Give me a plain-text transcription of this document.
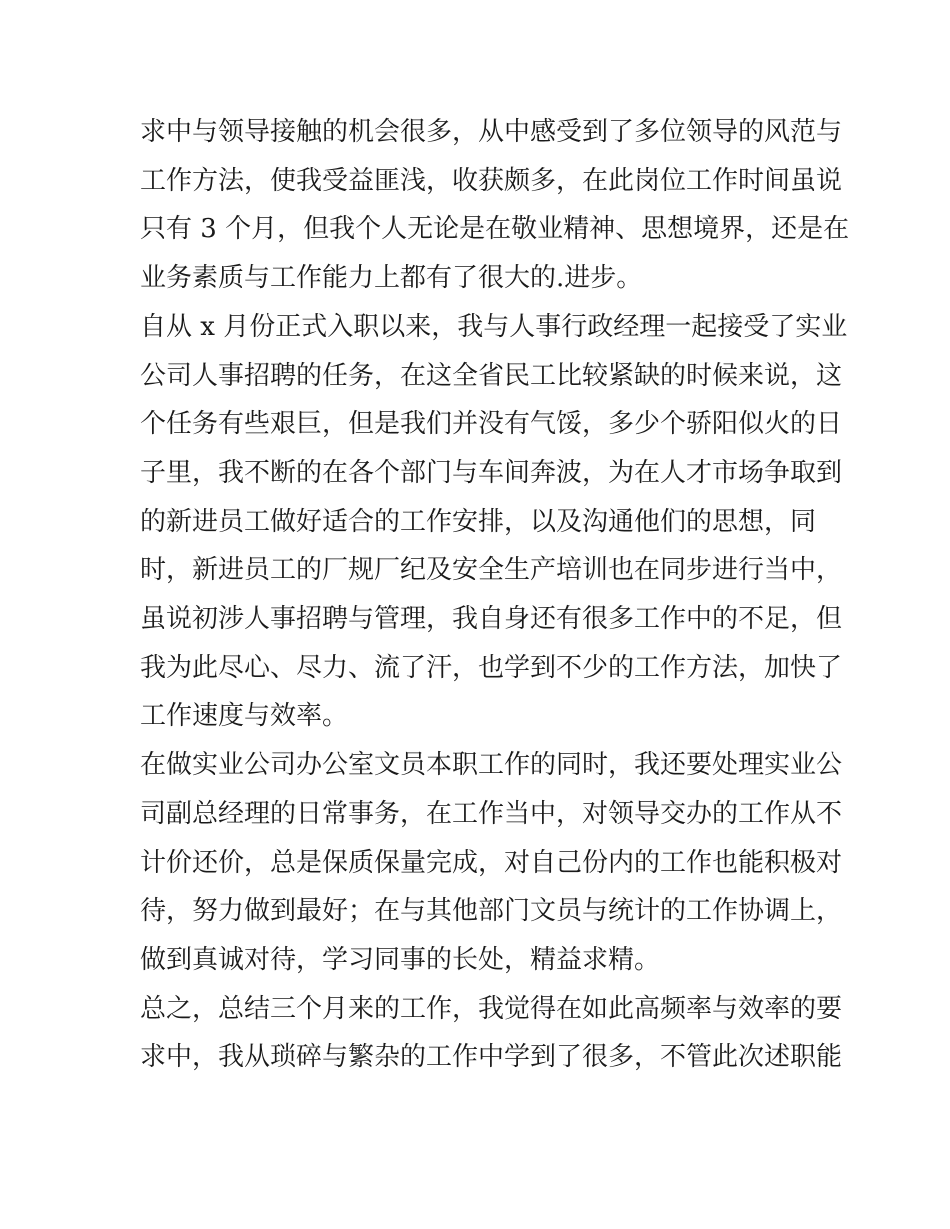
求中与领导接触的机会很多，从中感受到了多位领导的风范与
工作方法，使我受益匪浅，收获颇多，在此岗位工作时间虽说
只有 3 个月，但我个人无论是在敬业精神、思想境界，还是在
业务素质与工作能力上都有了很大的.进步。
自从 x 月份正式入职以来，我与人事行政经理一起接受了实业
公司人事招聘的任务，在这全省民工比较紧缺的时候来说，这
个任务有些艰巨，但是我们并没有气馁，多少个骄阳似火的日
子里，我不断的在各个部门与车间奔波，为在人才市场争取到
的新进员工做好适合的工作安排，以及沟通他们的思想，同
时，新进员工的厂规厂纪及安全生产培训也在同步进行当中，
虽说初涉人事招聘与管理，我自身还有很多工作中的不足，但
我为此尽心、尽力、流了汗，也学到不少的工作方法，加快了
工作速度与效率。
在做实业公司办公室文员本职工作的同时，我还要处理实业公
司副总经理的日常事务，在工作当中，对领导交办的工作从不
计价还价，总是保质保量完成，对自己份内的工作也能积极对
待，努力做到最好；在与其他部门文员与统计的工作协调上，
做到真诚对待，学习同事的长处，精益求精。
总之，总结三个月来的工作，我觉得在如此高频率与效率的要
求中，我从琐碎与繁杂的工作中学到了很多，不管此次述职能
